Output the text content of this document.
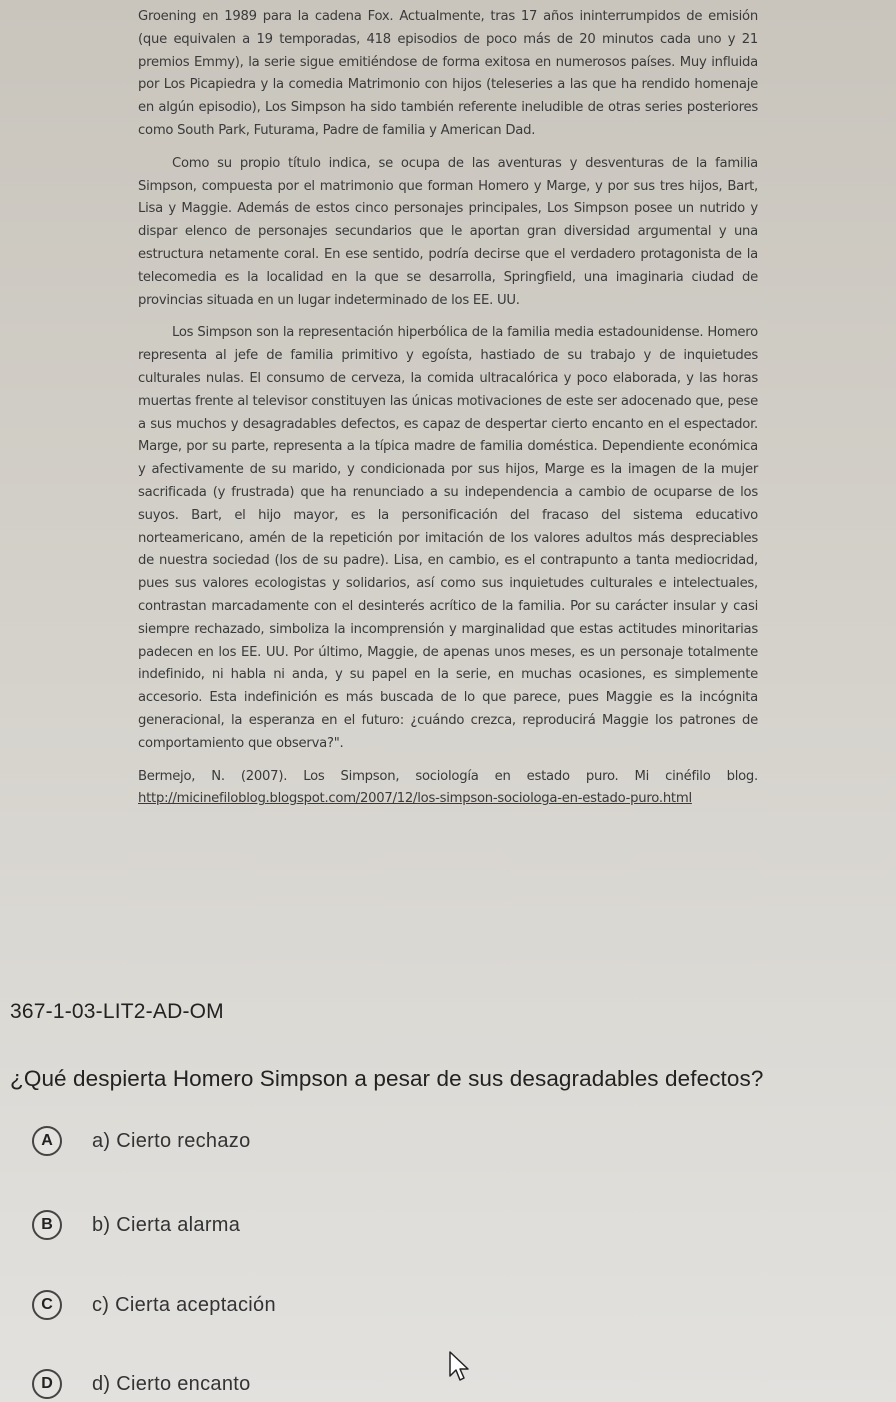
Groening en 1989 para la cadena Fox. Actualmente, tras 17 años ininterrumpidos de emisión (que equivalen a 19 temporadas, 418 episodios de poco más de 20 minutos cada uno y 21 premios Emmy), la serie sigue emitiéndose de forma exitosa en numerosos países. Muy influida por Los Picapiedra y la comedia Matrimonio con hijos (teleseries a las que ha rendido homenaje en algún episodio), Los Simpson ha sido también referente ineludible de otras series posteriores como South Park, Futurama, Padre de familia y American Dad.

Como su propio título indica, se ocupa de las aventuras y desventuras de la familia Simpson, compuesta por el matrimonio que forman Homero y Marge, y por sus tres hijos, Bart, Lisa y Maggie. Además de estos cinco personajes principales, Los Simpson posee un nutrido y dispar elenco de personajes secundarios que le aportan gran diversidad argumental y una estructura netamente coral. En ese sentido, podría decirse que el verdadero protagonista de la telecomedia es la localidad en la que se desarrolla, Springfield, una imaginaria ciudad de provincias situada en un lugar indeterminado de los EE. UU.

Los Simpson son la representación hiperbólica de la familia media estadounidense. Homero representa al jefe de familia primitivo y egoísta, hastiado de su trabajo y de inquietudes culturales nulas. El consumo de cerveza, la comida ultracalórica y poco elaborada, y las horas muertas frente al televisor constituyen las únicas motivaciones de este ser adocenado que, pese a sus muchos y desagradables defectos, es capaz de despertar cierto encanto en el espectador. Marge, por su parte, representa a la típica madre de familia doméstica. Dependiente económica y afectivamente de su marido, y condicionada por sus hijos, Marge es la imagen de la mujer sacrificada (y frustrada) que ha renunciado a su independencia a cambio de ocuparse de los suyos. Bart, el hijo mayor, es la personificación del fracaso del sistema educativo norteamericano, amén de la repetición por imitación de los valores adultos más despreciables de nuestra sociedad (los de su padre). Lisa, en cambio, es el contrapunto a tanta mediocridad, pues sus valores ecologistas y solidarios, así como sus inquietudes culturales e intelectuales, contrastan marcadamente con el desinterés acrítico de la familia. Por su carácter insular y casi siempre rechazado, simboliza la incomprensión y marginalidad que estas actitudes minoritarias padecen en los EE. UU. Por último, Maggie, de apenas unos meses, es un personaje totalmente indefinido, ni habla ni anda, y su papel en la serie, en muchas ocasiones, es simplemente accesorio. Esta indefinición es más buscada de lo que parece, pues Maggie es la incógnita generacional, la esperanza en el futuro: ¿cuándo crezca, reproducirá Maggie los patrones de comportamiento que observa?".

Bermejo, N. (2007). Los Simpson, sociología en estado puro. Mi cinéfilo blog. http://micinefiloblog.blogspot.com/2007/12/los-simpson-sociologa-en-estado-puro.html

367-1-03-LIT2-AD-OM
¿Qué despierta Homero Simpson a pesar de sus desagradables defectos?
A	a) Cierto rechazo
B	b) Cierta alarma
C	c) Cierta aceptación
D	d) Cierto encanto
